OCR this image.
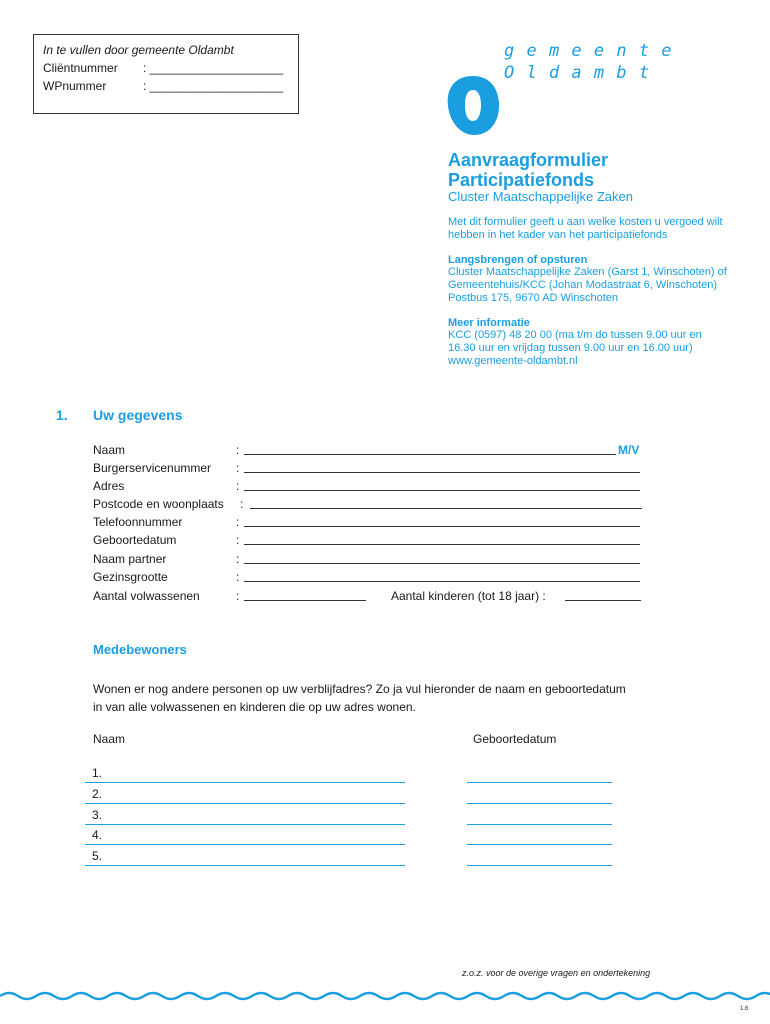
In te vullen door gemeente Oldambt
Cliëntnummer	: ____________________
WPnummer	: ____________________
g e m e e n t e
O l d a m b t
Aanvraagformulier
Participatiefonds
Cluster Maatschappelijke Zaken
Met dit formulier geeft u aan welke kosten u vergoed wilt hebben in het kader van het participatiefonds
Langsbrengen of opsturen
Cluster Maatschappelijke Zaken (Garst 1, Winschoten) of
Gemeentehuis/KCC (Johan Modastraat 6, Winschoten)
Postbus 175, 9670 AD Winschoten
Meer informatie
KCC (0597) 48 20 00 (ma t/m do tussen 9.00 uur en
16.30 uur en vrijdag tussen 9.00 uur en 16.00 uur)
www.gemeente-oldambt.nl
1. Uw gegevens
Naam	:	M/V
Burgerservicenummer :
Adres	:
Postcode en woonplaats :
Telefoonnummer	:
Geboortedatum	:
Naam partner	:
Gezinsgrootte	:
Aantal volwassenen	:	Aantal kinderen (tot 18 jaar) :
Medebewoners
Wonen er nog andere personen op uw verblijfadres? Zo ja vul hieronder de naam en geboortedatum
in van alle volwassenen en kinderen die op uw adres wonen.
Naam	Geboortedatum
1.
2.
3.
4.
5.
z.o.z. voor de overige vragen en ondertekening
1.6
